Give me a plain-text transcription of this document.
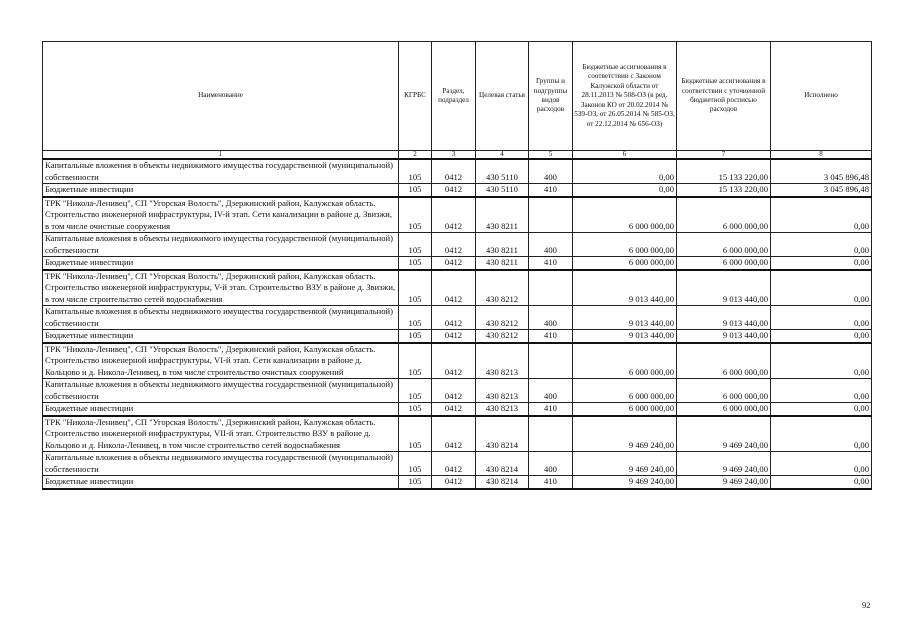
Наименование	КГРБС	Раздел, подраздел	Целевая статья	Группы и подгруппы видов расходов	Бюджетные ассигнования в соответствии с Законом Калужской области от 28.11.2013 № 508-ОЗ (в ред. Законов КО от 20.02.2014 № 539-ОЗ, от 26.05.2014 № 585-ОЗ, от 22.12.2014 № 656-ОЗ)	Бюджетные ассигнования в соответствии с уточненной бюджетной росписью расходов	Исполнено
1	2	3	4	5	6	7	8
Капитальные вложения в объекты недвижимого имущества государственной (муниципальной) собственности	105	0412	430 5110	400	0,00	15 133 220,00	3 045 896,48
Бюджетные инвестиции	105	0412	430 5110	410	0,00	15 133 220,00	3 045 896,48
ТРК "Никола-Ленивец", СП "Угорская Волость", Дзержинский район, Калужская область. Строительство инженерной инфраструктуры, IV-й этап. Сети канализации в районе д. Звизжи, в том числе очистные сооружения	105	0412	430 8211		6 000 000,00	6 000 000,00	0,00
Капитальные вложения в объекты недвижимого имущества государственной (муниципальной) собственности	105	0412	430 8211	400	6 000 000,00	6 000 000,00	0,00
Бюджетные инвестиции	105	0412	430 8211	410	6 000 000,00	6 000 000,00	0,00
ТРК "Никола-Ленивец", СП "Угорская Волость", Дзержинский район, Калужская область. Строительство инженерной инфраструктуры, V-й этап. Строительство ВЗУ в районе д. Звизжи, в том числе строительство сетей водоснабжения	105	0412	430 8212		9 013 440,00	9 013 440,00	0,00
Капитальные вложения в объекты недвижимого имущества государственной (муниципальной) собственности	105	0412	430 8212	400	9 013 440,00	9 013 440,00	0,00
Бюджетные инвестиции	105	0412	430 8212	410	9 013 440,00	9 013 440,00	0,00
ТРК "Никола-Ленивец", СП "Угорская Волость", Дзержинский район, Калужская область. Строительство инженерной инфраструктуры, VI-й этап. Сети канализации в районе д. Кольцово и д. Никола-Ленивец, в том числе строительство очистных сооружений	105	0412	430 8213		6 000 000,00	6 000 000,00	0,00
Капитальные вложения в объекты недвижимого имущества государственной (муниципальной) собственности	105	0412	430 8213	400	6 000 000,00	6 000 000,00	0,00
Бюджетные инвестиции	105	0412	430 8213	410	6 000 000,00	6 000 000,00	0,00
ТРК "Никола-Ленивец", СП "Угорская Волость", Дзержинский район, Калужская область. Строительство инженерной инфраструктуры, VII-й этап. Строительство ВЗУ в районе д. Кольцово и д. Никола-Ленивец, в том числе строительство сетей водоснабжения	105	0412	430 8214		9 469 240,00	9 469 240,00	0,00
Капитальные вложения в объекты недвижимого имущества государственной (муниципальной) собственности	105	0412	430 8214	400	9 469 240,00	9 469 240,00	0,00
Бюджетные инвестиции	105	0412	430 8214	410	9 469 240,00	9 469 240,00	0,00
92
